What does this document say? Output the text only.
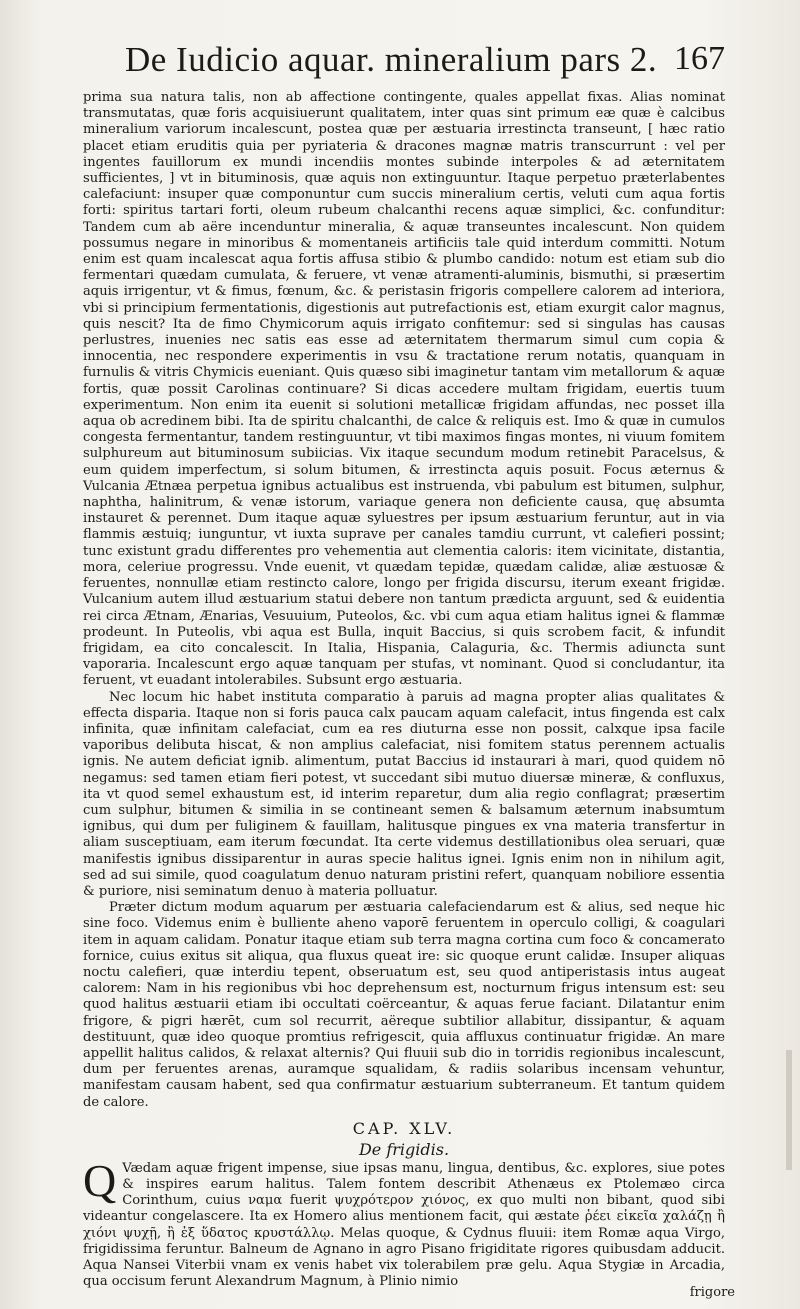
De Iudicio aquar. mineralium pars 2. 167

prima sua natura talis, non ab affectione contingente, quales appellat fixas. Alias nominat transmutatas, quæ foris acquisiuerunt qualitatem, inter quas sint primum eæ quæ è calcibus mineralium variorum incalescunt, postea quæ per æstuaria irrestincta transeunt, [ hæc ratio placet etiam eruditis quia per pyriateria & dracones magnæ matris transcurrunt : vel per ingentes fauillorum ex mundi incendiis montes subinde interpoles & ad æternitatem sufficientes, ] vt in bituminosis, quæ aquis non extinguuntur. Itaque perpetuo præterlabentes calefaciunt: insuper quæ componuntur cum succis mineralium certis, veluti cum aqua fortis forti: spiritus tartari forti, oleum rubeum chalcanthi recens aquæ simplici, &c. confunditur: Tandem cum ab aëre incenduntur mineralia, & aquæ transeuntes incalescunt. Non quidem possumus negare in minoribus & momentaneis artificiis tale quid interdum committi. Notum enim est quam incalescat aqua fortis affusa stibio & plumbo candido: notum est etiam sub dio fermentari quædam cumulata, & feruere, vt venæ atramenti-aluminis, bismuthi, si præsertim aquis irrigentur, vt & fimus, fœnum, &c. & peristasin frigoris compellere calorem ad interiora, vbi si principium fermentationis, digestionis aut putrefactionis est, etiam exurgit calor magnus, quis nescit? Ita de fimo Chymicorum aquis irrigato confitemur: sed si singulas has causas perlustres, inuenies nec satis eas esse ad æternitatem thermarum simul cum copia & innocentia, nec respondere experimentis in vsu & tractatione rerum notatis, quanquam in furnulis & vitris Chymicis eueniant. Quis quæso sibi imaginetur tantam vim metallorum & aquæ fortis, quæ possit Carolinas continuare? Si dicas accedere multam frigidam, euertis tuum experimentum. Non enim ita euenit si solutioni metallicæ frigidam affundas, nec posset illa aqua ob acredinem bibi. Ita de spiritu chalcanthi, de calce & reliquis est. Imo & quæ in cumulos congesta fermentantur, tandem restinguuntur, vt tibi maximos fingas montes, ni viuum fomitem sulphureum aut bituminosum subiicias. Vix itaque secundum modum retinebit Paracelsus, & eum quidem imperfectum, si solum bitumen, & irrestincta aquis posuit. Focus æternus & Vulcania Ætnæa perpetua ignibus actualibus est instruenda, vbi pabulum est bitumen, sulphur, naphtha, halinitrum, & venæ istorum, variaque genera non deficiente causa, quę absumta instauret & perennet. Dum itaque aquæ syluestres per ipsum æstuarium feruntur, aut in via flammis æstuiq; iunguntur, vt iuxta suprave per canales tamdiu currunt, vt calefieri possint; tunc existunt gradu differentes pro vehementia aut clementia caloris: item vicinitate, distantia, mora, celeriue progressu. Vnde euenit, vt quædam tepidæ, quædam calidæ, aliæ æstuosæ & feruentes, nonnullæ etiam restincto calore, longo per frigida discursu, iterum exeant frigidæ. Vulcanium autem illud æstuarium statui debere non tantum prædicta arguunt, sed & euidentia rei circa Ætnam, Ænarias, Vesuuium, Puteolos, &c. vbi cum aqua etiam halitus ignei & flammæ prodeunt. In Puteolis, vbi aqua est Bulla, inquit Baccius, si quis scrobem facit, & infundit frigidam, ea cito concalescit. In Italia, Hispania, Calaguria, &c. Thermis adiuncta sunt vaporaria. Incalescunt ergo aquæ tanquam per stufas, vt nominant. Quod si concludantur, ita feruent, vt euadant intolerabiles. Subsunt ergo æstuaria.

Nec locum hic habet instituta comparatio à paruis ad magna propter alias qualitates & effecta disparia. Itaque non si foris pauca calx paucam aquam calefacit, intus fingenda est calx infinita, quæ infinitam calefaciat, cum ea res diuturna esse non possit, calxque ipsa facile vaporibus delibuta hiscat, & non amplius calefaciat, nisi fomitem status perennem actualis ignis. Ne autem deficiat ignib. alimentum, putat Baccius id instaurari à mari, quod quidem nō negamus: sed tamen etiam fieri potest, vt succedant sibi mutuo diuersæ mineræ, & confluxus, ita vt quod semel exhaustum est, id interim reparetur, dum alia regio conflagrat; præsertim cum sulphur, bitumen & similia in se contineant semen & balsamum æternum inabsumtum ignibus, qui dum per fuliginem & fauillam, halitusque pingues ex vna materia transfertur in aliam susceptiuam, eam iterum fœcundat. Ita certe videmus destillationibus olea seruari, quæ manifestis ignibus dissiparentur in auras specie halitus ignei. Ignis enim non in nihilum agit, sed ad sui simile, quod coagulatum denuo naturam pristini refert, quanquam nobiliore essentia & puriore, nisi seminatum denuo à materia polluatur.

Præter dictum modum aquarum per æstuaria calefaciendarum est & alius, sed neque hic sine foco. Videmus enim è bulliente aheno vaporē feruentem in operculo colligi, & coagulari item in aquam calidam. Ponatur itaque etiam sub terra magna cortina cum foco & concamerato fornice, cuius exitus sit aliqua, qua fluxus queat ire: sic quoque erunt calidæ. Insuper aliquas noctu calefieri, quæ interdiu tepent, obseruatum est, seu quod antiperistasis intus augeat calorem: Nam in his regionibus vbi hoc deprehensum est, nocturnum frigus intensum est: seu quod halitus æstuarii etiam ibi occultati coërceantur, & aquas ferue faciant. Dilatantur enim frigore, & pigri hærēt, cum sol recurrit, aëreque subtilior allabitur, dissipantur, & aquam destituunt, quæ ideo quoque promtius refrigescit, quia affluxus continuatur frigidæ. An mare appellit halitus calidos, & relaxat alternis? Qui fluuii sub dio in torridis regionibus incalescunt, dum per feruentes arenas, auramque squalidam, & radiis solaribus incensam vehuntur, manifestam causam habent, sed qua confirmatur æstuarium subterraneum. Et tantum quidem de calore.

CAP. XLV.
De frigidis.

Q Vædam aquæ frigent impense, siue ipsas manu, lingua, dentibus, &c. explores, siue potes & inspires earum halitus. Talem fontem describit Athenæus ex Ptolemæo circa Corinthum, cuius ναμα fuerit ψυχρότερον χιόνος, ex quo multi non bibant, quod sibi videantur congelascere. Ita ex Homero alius mentionem facit, qui æstate ῥέει εἰκεῖα χαλάζῃ ἢ χιόνι ψυχῇ, ἢ ἐξ ὕδατος κρυστάλλῳ. Melas quoque, & Cydnus fluuii: item Romæ aqua Virgo, frigidissima feruntur. Balneum de Agnano in agro Pisano frigiditate rigores quibusdam adducit. Aqua Nansei Viterbii vnam ex venis habet vix tolerabilem præ gelu. Aqua Stygiæ in Arcadia, qua occisum ferunt Alexandrum Magnum, à Plinio nimio

frigore
